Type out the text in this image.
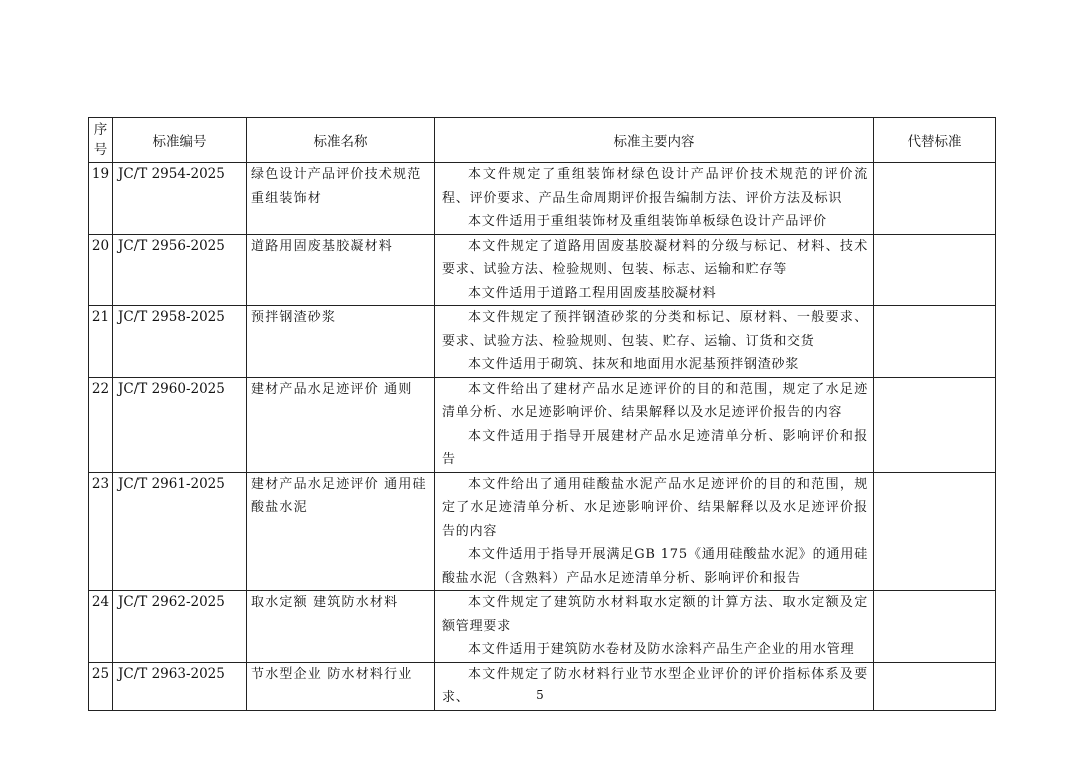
序
号	标准编号	标准名称	标准主要内容	代替标准
19	JC/T 2954-2025	绿色设计产品评价技术规范 重组装饰材	本文件规定了重组装饰材绿色设计产品评价技术规范的评价流程、评价要求、产品生命周期评价报告编制方法、评价方法及标识
本文件适用于重组装饰材及重组装饰单板绿色设计产品评价	

20	JC/T 2956-2025	道路用固废基胶凝材料	本文件规定了道路用固废基胶凝材料的分级与标记、材料、技术要求、试验方法、检验规则、包装、标志、运输和贮存等
本文件适用于道路工程用固废基胶凝材料	

21	JC/T 2958-2025	预拌钢渣砂浆	本文件规定了预拌钢渣砂浆的分类和标记、原材料、一般要求、要求、试验方法、检验规则、包装、贮存、运输、订货和交货
本文件适用于砌筑、抹灰和地面用水泥基预拌钢渣砂浆	

22	JC/T 2960-2025	建材产品水足迹评价 通则	本文件给出了建材产品水足迹评价的目的和范围，规定了水足迹清单分析、水足迹影响评价、结果解释以及水足迹评价报告的内容
本文件适用于指导开展建材产品水足迹清单分析、影响评价和报告	

23	JC/T 2961-2025	建材产品水足迹评价 通用硅酸盐水泥	本文件给出了通用硅酸盐水泥产品水足迹评价的目的和范围，规定了水足迹清单分析、水足迹影响评价、结果解释以及水足迹评价报告的内容
本文件适用于指导开展满足GB 175《通用硅酸盐水泥》的通用硅酸盐水泥（含熟料）产品水足迹清单分析、影响评价和报告	

24	JC/T 2962-2025	取水定额 建筑防水材料	本文件规定了建筑防水材料取水定额的计算方法、取水定额及定额管理要求
本文件适用于建筑防水卷材及防水涂料产品生产企业的用水管理	

25	JC/T 2963-2025	节水型企业 防水材料行业	本文件规定了防水材料行业节水型企业评价的评价指标体系及要求、	
		5
